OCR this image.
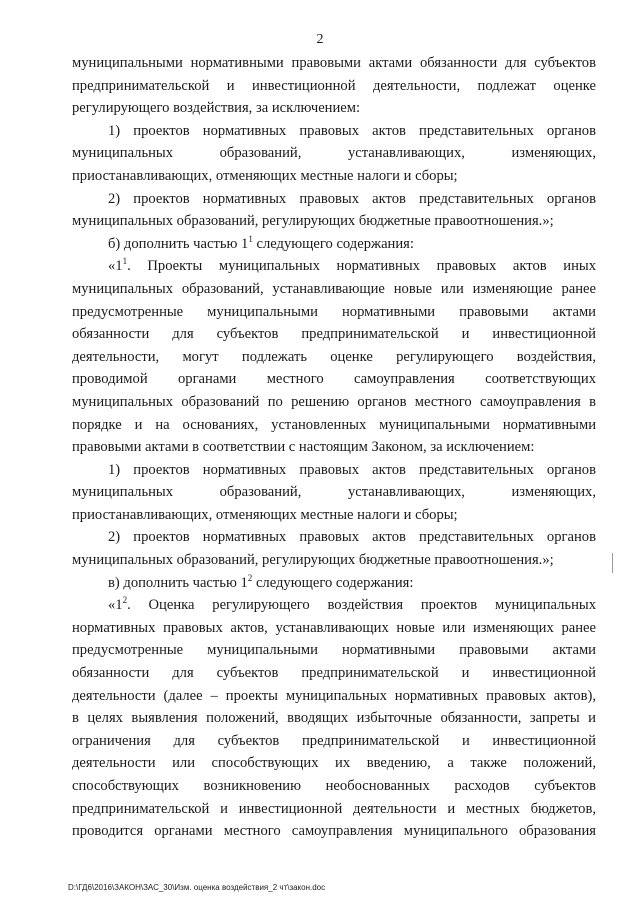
2
муниципальными нормативными правовыми актами обязанности для субъектов
предпринимательской и инвестиционной деятельности, подлежат оценке
регулирующего воздействия, за исключением:
1) проектов нормативных правовых актов представительных органов
муниципальных образований, устанавливающих, изменяющих,
приостанавливающих, отменяющих местные налоги и сборы;
2) проектов нормативных правовых актов представительных органов
муниципальных образований, регулирующих бюджетные правоотношения.»;
б) дополнить частью $1^1$ следующего содержания:
«$1^1$. Проекты муниципальных нормативных правовых актов иных
муниципальных образований, устанавливающие новые или изменяющие ранее
предусмотренные муниципальными нормативными правовыми актами
обязанности для субъектов предпринимательской и инвестиционной
деятельности, могут подлежать оценке регулирующего воздействия,
проводимой органами местного самоуправления соответствующих
муниципальных образований по решению органов местного самоуправления в
порядке и на основаниях, установленных муниципальными нормативными
правовыми актами в соответствии с настоящим Законом, за исключением:
1) проектов нормативных правовых актов представительных органов
муниципальных образований, устанавливающих, изменяющих,
приостанавливающих, отменяющих местные налоги и сборы;
2) проектов нормативных правовых актов представительных органов
муниципальных образований, регулирующих бюджетные правоотношения.»;
в) дополнить частью $1^2$ следующего содержания:
«$1^2$. Оценка регулирующего воздействия проектов муниципальных
нормативных правовых актов, устанавливающих новые или изменяющих ранее
предусмотренные муниципальными нормативными правовыми актами
обязанности для субъектов предпринимательской и инвестиционной
деятельности (далее – проекты муниципальных нормативных правовых актов),
в целях выявления положений, вводящих избыточные обязанности, запреты и
ограничения для субъектов предпринимательской и инвестиционной
деятельности или способствующих их введению, а также положений,
способствующих возникновению необоснованных расходов субъектов
предпринимательской и инвестиционной деятельности и местных бюджетов,
проводится органами местного самоуправления муниципального образования
D:\ГД6\2016\ЗАКОН\ЗАС_30\Изм. оценка воздействия_2 чт\закон.doc
